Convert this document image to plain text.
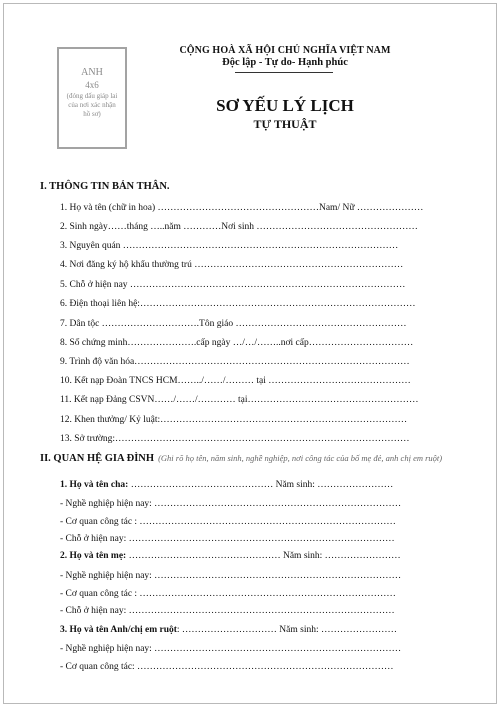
ANH
4x6
(đóng dấu giáp lai của nơi xác nhận hồ sơ)
CỘNG HOÀ XÃ HỘI CHỦ NGHĨA VIỆT NAM
Độc lập - Tự do- Hạnh phúc
SƠ YẾU LÝ LỊCH
TỰ THUẬT
I. THÔNG TIN BẢN THÂN.
1. Họ và tên (chữ in hoa) ……………………………………………Nam/ Nữ …………………
2. Sinh ngày……tháng …..năm …………Nơi sinh ……………………………………………
3. Nguyên quán ……………………………………………………………………………
4. Nơi đăng ký hộ khẩu thường trú …………………………………………………………
5. Chỗ ở hiện nay ……………………………………………………………………………
6. Điện thoại liên hệ:……………………………………………………………………………
7. Dân tộc ………………………….Tôn giáo ………………………………………………
8. Số chứng minh………………….cấp ngày …/…/……..nơi cấp……………………………
9. Trình độ văn hóa……………………………………………………………………………
10. Kết nạp Đoàn TNCS HCM……../……/……… tại ………………………………………
11. Kết nạp Đảng CSVN……/……/………… tại………………………………………………
12. Khen thưởng/ Kỷ luật:……………………………………………………………………
13. Sở trường:…………………………………………………………………………………
II. QUAN HỆ GIA ĐÌNH (Ghi rõ họ tên, năm sinh, nghề nghiệp, nơi công tác của bố mẹ đẻ, anh chị em ruột)
1. Họ và tên cha: ……………………………………… Năm sinh: ……………………
- Nghề nghiệp hiện nay: ……………………………………………………………………
- Cơ quan công tác : ………………………………………………………………………
- Chỗ ở hiện nay: …………………………………………………………………………
2. Họ và tên mẹ: ………………………………………… Năm sinh: ……………………
- Nghề nghiệp hiện nay: ……………………………………………………………………
- Cơ quan công tác : ………………………………………………………………………
- Chỗ ở hiện nay: …………………………………………………………………………
3. Họ và tên Anh/chị em ruột: ………………………… Năm sinh: ……………………
- Nghề nghiệp hiện nay: ……………………………………………………………………
- Cơ quan công tác: ………………………………………………………………………
